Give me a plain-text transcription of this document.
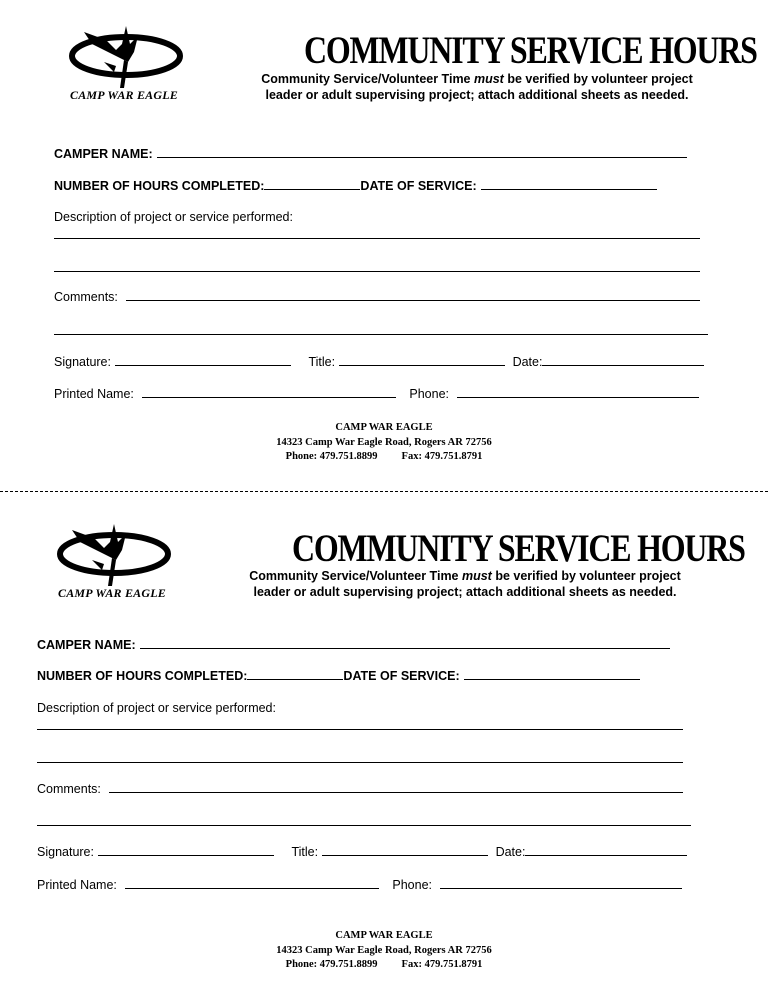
CAMP WAR EAGLE
COMMUNITY SERVICE HOURS
Community Service/Volunteer Time must be verified by volunteer project
leader or adult supervising project; attach additional sheets as needed.
CAMPER NAME:
NUMBER OF HOURS COMPLETED:	DATE OF SERVICE:
Description of project or service performed:
Comments:
Signature:	Title:	Date:
Printed Name:	Phone:
CAMP WAR EAGLE
14323 Camp War Eagle Road, Rogers AR 72756
Phone: 479.751.8899 Fax: 479.751.8791
CAMP WAR EAGLE
COMMUNITY SERVICE HOURS
Community Service/Volunteer Time must be verified by volunteer project
leader or adult supervising project; attach additional sheets as needed.
CAMPER NAME:
NUMBER OF HOURS COMPLETED:	DATE OF SERVICE:
Description of project or service performed:
Comments:
Signature:	Title:	Date:
Printed Name:	Phone:
CAMP WAR EAGLE
14323 Camp War Eagle Road, Rogers AR 72756
Phone: 479.751.8899 Fax: 479.751.8791
